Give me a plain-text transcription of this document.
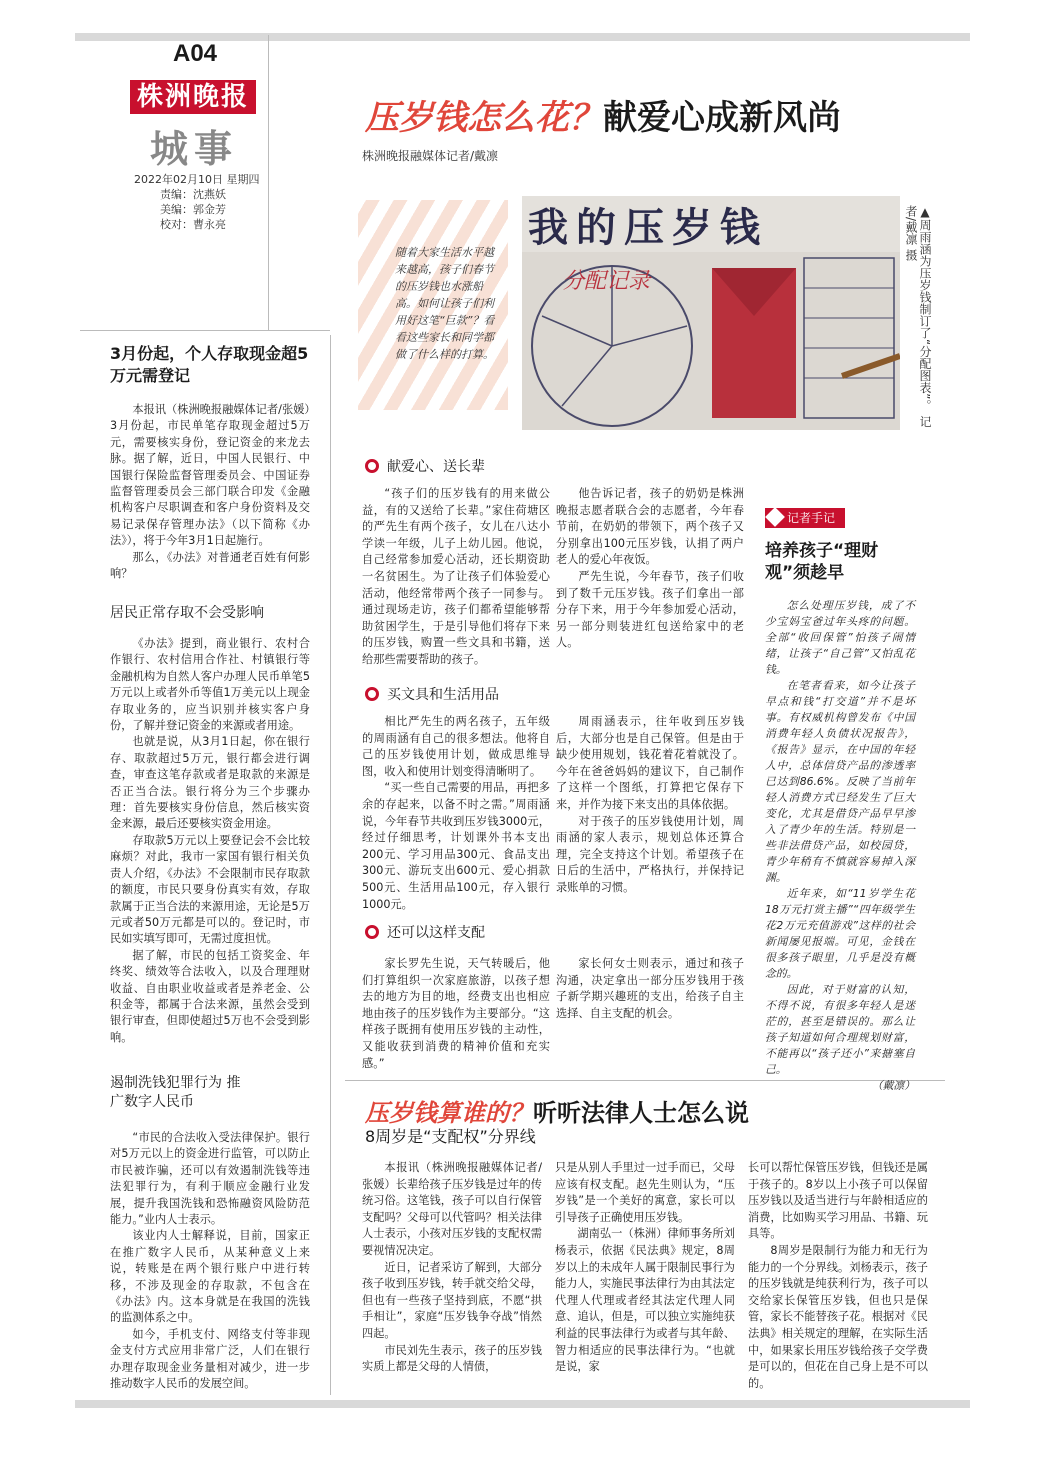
A04
株洲晚报
城事
2022年02月10日 星期四
责编：沈燕妖
美编：郭金芳
校对：曹永亮
压岁钱怎么花？献爱心成新风尚
株洲晚报融媒体记者/戴凛
随着大家生活水平越来越高，孩子们春节的压岁钱也水涨船高。如何让孩子们利用好这笔“巨款”？看看这些家长和同学都做了什么样的打算。
我的压岁钱
分配记录	▲周雨涵为压岁钱制订了“分配图表”。 记者/戴凛 摄
献爱心、送长辈

“孩子们的压岁钱有的用来做公益，有的又送给了长辈。”家住荷塘区的严先生有两个孩子，女儿在八达小学读一年级，儿子上幼儿园。他说，自己经常参加爱心活动，还长期资助一名贫困生。为了让孩子们体验爱心活动，他经常带两个孩子一同参与。通过现场走访，孩子们都希望能够帮助贫困学生，于是引导他们将存下来的压岁钱，购置一些文具和书籍，送给那些需要帮助的孩子。

他告诉记者，孩子的奶奶是株洲晚报志愿者联合会的志愿者，今年春节前，在奶奶的带领下，两个孩子又分别拿出100元压岁钱，认捐了两户老人的爱心年夜饭。

严先生说，今年春节，孩子们收到了数千元压岁钱。孩子们拿出一部分存下来，用于今年参加爱心活动，另一部分则装进红包送给家中的老人。

买文具和生活用品

相比严先生的两名孩子，五年级的周雨涵有自己的很多想法。他将自己的压岁钱使用计划，做成思维导图，收入和使用计划变得清晰明了。

“买一些自己需要的用品，再把多余的存起来，以备不时之需。”周雨涵说，今年春节共收到压岁钱3000元，经过仔细思考，计划课外书本支出200元、学习用品300元、食品支出300元、游玩支出600元、爱心捐款500元、生活用品100元，存入银行1000元。

周雨涵表示，往年收到压岁钱后，大部分也是自己保管。但是由于缺少使用规划，钱花着花着就没了。今年在爸爸妈妈的建议下，自己制作了这样一个图纸，打算把它保存下来，并作为接下来支出的具体依据。

对于孩子的压岁钱使用计划，周雨涵的家人表示，规划总体还算合理，完全支持这个计划。希望孩子在日后的生活中，严格执行，并保持记录账单的习惯。

还可以这样支配

家长罗先生说，天气转暖后，他们打算组织一次家庭旅游，以孩子想去的地方为目的地，经费支出也相应地由孩子的压岁钱作为主要部分。“这样孩子既拥有使用压岁钱的主动性，又能收获到消费的精神价值和充实感。”

家长何女士则表示，通过和孩子沟通，决定拿出一部分压岁钱用于孩子新学期兴趣班的支出，给孩子自主选择、自主支配的机会。

记者手记
培养孩子“理财观”须趁早

怎么处理压岁钱，成了不少宝妈宝爸过年头疼的问题。全部“收回保管”怕孩子闹情绪，让孩子“自己管”又怕乱花钱。

在笔者看来，如今让孩子早点和钱“打交道”并不是坏事。有权威机构曾发布《中国消费年轻人负债状况报告》，《报告》显示，在中国的年轻人中，总体信贷产品的渗透率已达到86.6%。反映了当前年轻人消费方式已经发生了巨大变化，尤其是借贷产品早早渗入了青少年的生活。特别是一些非法借贷产品，如校园贷，青少年稍有不慎就容易掉入深渊。

近年来，如“11岁学生花18万元打赏主播”“四年级学生花2万元充值游戏”这样的社会新闻屡见报端。可见，金钱在很多孩子眼里，几乎是没有概念的。

因此，对于财富的认知，不得不说，有很多年轻人是迷茫的，甚至是错误的。那么让孩子知道如何合理规划财富，不能再以“孩子还小”来搪塞自己。

（戴凛）
3月份起，个人存取现金超5万元需登记

本报讯（株洲晚报融媒体记者/张媛）3月份起，市民单笔存取现金超过5万元，需要核实身份，登记资金的来龙去脉。据了解，近日，中国人民银行、中国银行保险监督管理委员会、中国证券监督管理委员会三部门联合印发《金融机构客户尽职调查和客户身份资料及交易记录保存管理办法》（以下简称《办法》），将于今年3月1日起施行。

那么，《办法》对普通老百姓有何影响？

居民正常存取不会受影响

《办法》提到，商业银行、农村合作银行、农村信用合作社、村镇银行等金融机构为自然人客户办理人民币单笔5万元以上或者外币等值1万美元以上现金存取业务的，应当识别并核实客户身份，了解并登记资金的来源或者用途。

也就是说，从3月1日起，你在银行存、取款超过5万元，银行都会进行调查，审查这笔存款或者是取款的来源是否正当合法。银行将分为三个步骤办理：首先要核实身份信息，然后核实资金来源，最后还要核实资金用途。

存取款5万元以上要登记会不会比较麻烦？对此，我市一家国有银行相关负责人介绍，《办法》不会限制市民存取款的额度，市民只要身份真实有效，存取款属于正当合法的来源用途，无论是5万元或者50万元都是可以的。登记时，市民如实填写即可，无需过度担忧。

据了解，市民的包括工资奖金、年终奖、绩效等合法收入，以及合理理财收益、自由职业收益或者是养老金、公积金等，都属于合法来源，虽然会受到银行审查，但即使超过5万也不会受到影响。

遏制洗钱犯罪行为 推广数字人民币

“市民的合法收入受法律保护。银行对5万元以上的资金进行监管，可以防止市民被诈骗，还可以有效遏制洗钱等违法犯罪行为，有利于顺应金融行业发展，提升我国洗钱和恐怖融资风险防范能力。”业内人士表示。

该业内人士解释说，目前，国家正在推广数字人民币，从某种意义上来说，转账是在两个银行账户中进行转移，不涉及现金的存取款，不包含在《办法》内。这本身就是在我国的洗钱的监测体系之中。

如今，手机支付、网络支付等非现金支付方式应用非常广泛，人们在银行办理存取现金业务量相对减少，进一步推动数字人民币的发展空间。

压岁钱算谁的？听听法律人士怎么说
8周岁是“支配权”分界线

本报讯（株洲晚报融媒体记者/张媛）长辈给孩子压岁钱是过年的传统习俗。这笔钱，孩子可以自行保管支配吗？父母可以代管吗？相关法律人士表示，小孩对压岁钱的支配权需要视情况决定。

近日，记者采访了解到，大部分孩子收到压岁钱，转手就交给父母，但也有一些孩子坚持到底，不愿“拱手相让”，家庭“压岁钱争夺战”悄然四起。

市民刘先生表示，孩子的压岁钱实质上都是父母的人情债，

只是从别人手里过一过手而已，父母应该有权支配。赵先生则认为，“压岁钱”是一个美好的寓意，家长可以引导孩子正确使用压岁钱。

湖南弘一（株洲）律师事务所刘杨表示，依据《民法典》规定，8周岁以上的未成年人属于限制民事行为能力人，实施民事法律行为由其法定代理人代理或者经其法定代理人同意、追认，但是，可以独立实施纯获利益的民事法律行为或者与其年龄、智力相适应的民事法律行为。“也就是说，家

长可以帮忙保管压岁钱，但钱还是属于孩子的。8岁以上小孩子可以保留压岁钱以及适当进行与年龄相适应的消费，比如购买学习用品、书籍、玩具等。

8周岁是限制行为能力和无行为能力的一个分界线。刘杨表示，孩子的压岁钱就是纯获利行为，孩子可以交给家长保管压岁钱，但也只是保管，家长不能替孩子花。根据对《民法典》相关规定的理解，在实际生活中，如果家长用压岁钱给孩子交学费是可以的，但花在自己身上是不可以的。
